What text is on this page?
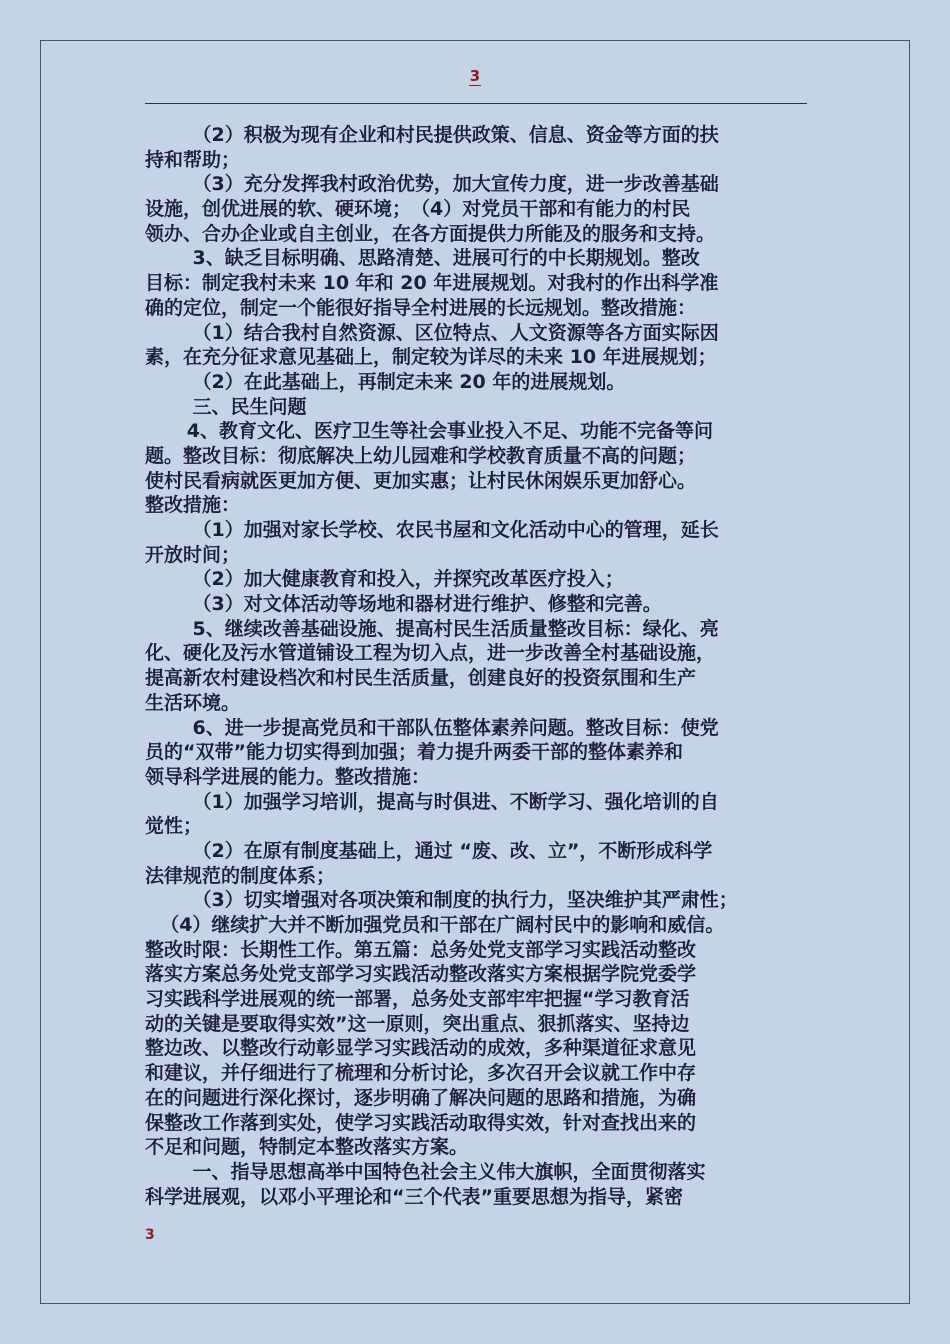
3
（2）积极为现有企业和村民提供政策、信息、资金等方面的扶
持和帮助；
（3）充分发挥我村政治优势，加大宣传力度，进一步改善基础
设施，创优进展的软、硬环境；　（4）对党员干部和有能力的村民
领办、合办企业或自主创业，在各方面提供力所能及的服务和支持。
3、缺乏目标明确、思路清楚、进展可行的中长期规划。整改
目标：制定我村未来 10 年和 20 年进展规划。对我村的作出科学准
确的定位，制定一个能很好指导全村进展的长远规划。整改措施：
（1）结合我村自然资源、区位特点、人文资源等各方面实际因
素，在充分征求意见基础上，制定较为详尽的未来 10 年进展规划；
（2）在此基础上，再制定未来 20 年的进展规划。
三、民生问题
4、教育文化、医疗卫生等社会事业投入不足、功能不完备等问
题。整改目标：彻底解决上幼儿园难和学校教育质量不高的问题；
使村民看病就医更加方便、更加实惠；让村民休闲娱乐更加舒心。
整改措施：
（1）加强对家长学校、农民书屋和文化活动中心的管理，延长
开放时间；
（2）加大健康教育和投入，并探究改革医疗投入；
（3）对文体活动等场地和器材进行维护、修整和完善。
5、继续改善基础设施、提高村民生活质量整改目标：绿化、亮
化、硬化及污水管道铺设工程为切入点，进一步改善全村基础设施，
提高新农村建设档次和村民生活质量，创建良好的投资氛围和生产
生活环境。
6、进一步提高党员和干部队伍整体素养问题。整改目标：使党
员的“双带”能力切实得到加强；着力提升两委干部的整体素养和
领导科学进展的能力。整改措施：
（1）加强学习培训，提高与时俱进、不断学习、强化培训的自
觉性；
（2）在原有制度基础上，通过 “废、改、立”，不断形成科学
法律规范的制度体系；
（3）切实增强对各项决策和制度的执行力，坚决维护其严肃性；
（4）继续扩大并不断加强党员和干部在广阔村民中的影响和威信。
整改时限：长期性工作。第五篇：总务处党支部学习实践活动整改
落实方案总务处党支部学习实践活动整改落实方案根据学院党委学
习实践科学进展观的统一部署，总务处支部牢牢把握“学习教育活
动的关键是要取得实效”这一原则，突出重点、狠抓落实、坚持边
整边改、以整改行动彰显学习实践活动的成效，多种渠道征求意见
和建议，并仔细进行了梳理和分析讨论，多次召开会议就工作中存
在的问题进行深化探讨，逐步明确了解决问题的思路和措施，为确
保整改工作落到实处，使学习实践活动取得实效，针对查找出来的
不足和问题，特制定本整改落实方案。
一、指导思想高举中国特色社会主义伟大旗帜，全面贯彻落实
科学进展观，以邓小平理论和“三个代表”重要思想为指导，紧密
3
